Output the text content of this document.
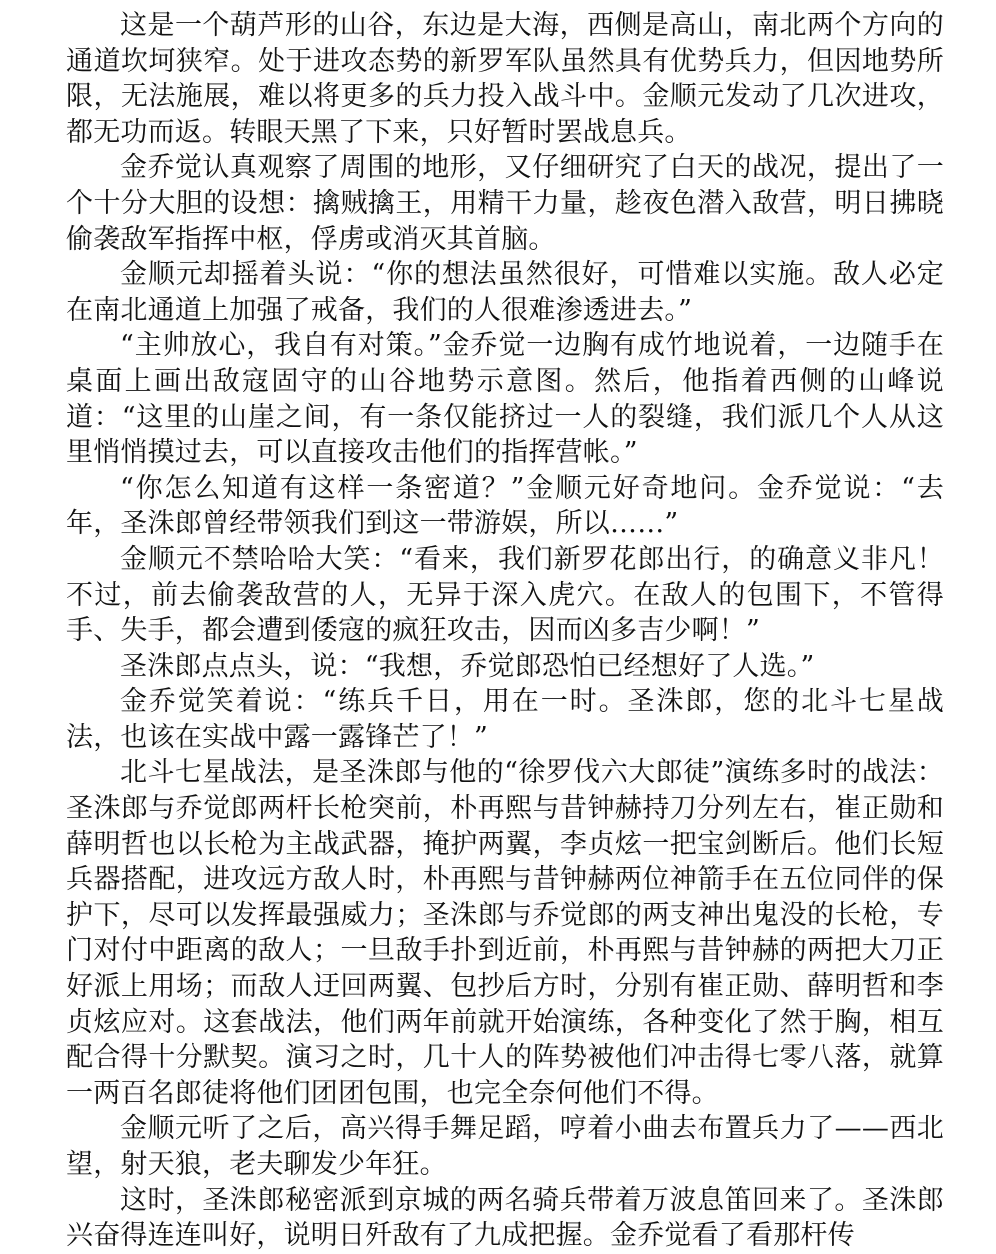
这是一个葫芦形的山谷，东边是大海，西侧是高山，南北两个方向的通道坎坷狭窄。处于进攻态势的新罗军队虽然具有优势兵力，但因地势所限，无法施展，难以将更多的兵力投入战斗中。金顺元发动了几次进攻，都无功而返。转眼天黑了下来，只好暂时罢战息兵。

金乔觉认真观察了周围的地形，又仔细研究了白天的战况，提出了一个十分大胆的设想：擒贼擒王，用精干力量，趁夜色潜入敌营，明日拂晓偷袭敌军指挥中枢，俘虏或消灭其首脑。

金顺元却摇着头说：“你的想法虽然很好，可惜难以实施。敌人必定在南北通道上加强了戒备，我们的人很难渗透进去。”

“主帅放心，我自有对策。”金乔觉一边胸有成竹地说着，一边随手在桌面上画出敌寇固守的山谷地势示意图。然后，他指着西侧的山峰说道：“这里的山崖之间，有一条仅能挤过一人的裂缝，我们派几个人从这里悄悄摸过去，可以直接攻击他们的指挥营帐。”

“你怎么知道有这样一条密道？”金顺元好奇地问。金乔觉说：“去年，圣洙郎曾经带领我们到这一带游娱，所以……”

金顺元不禁哈哈大笑：“看来，我们新罗花郎出行，的确意义非凡！不过，前去偷袭敌营的人，无异于深入虎穴。在敌人的包围下，不管得手、失手，都会遭到倭寇的疯狂攻击，因而凶多吉少啊！”

圣洙郎点点头，说：“我想，乔觉郎恐怕已经想好了人选。”

金乔觉笑着说：“练兵千日，用在一时。圣洙郎，您的北斗七星战法，也该在实战中露一露锋芒了！”

北斗七星战法，是圣洙郎与他的“徐罗伐六大郎徒”演练多时的战法：圣洙郎与乔觉郎两杆长枪突前，朴再熙与昔钟赫持刀分列左右，崔正勋和薛明哲也以长枪为主战武器，掩护两翼，李贞炫一把宝剑断后。他们长短兵器搭配，进攻远方敌人时，朴再熙与昔钟赫两位神箭手在五位同伴的保护下，尽可以发挥最强威力；圣洙郎与乔觉郎的两支神出鬼没的长枪，专门对付中距离的敌人；一旦敌手扑到近前，朴再熙与昔钟赫的两把大刀正好派上用场；而敌人迂回两翼、包抄后方时，分别有崔正勋、薛明哲和李贞炫应对。这套战法，他们两年前就开始演练，各种变化了然于胸，相互配合得十分默契。演习之时，几十人的阵势被他们冲击得七零八落，就算一两百名郎徒将他们团团包围，也完全奈何他们不得。

金顺元听了之后，高兴得手舞足蹈，哼着小曲去布置兵力了——西北望，射天狼，老夫聊发少年狂。

这时，圣洙郎秘密派到京城的两名骑兵带着万波息笛回来了。圣洙郎兴奋得连连叫好，说明日歼敌有了九成把握。金乔觉看了看那杆传
